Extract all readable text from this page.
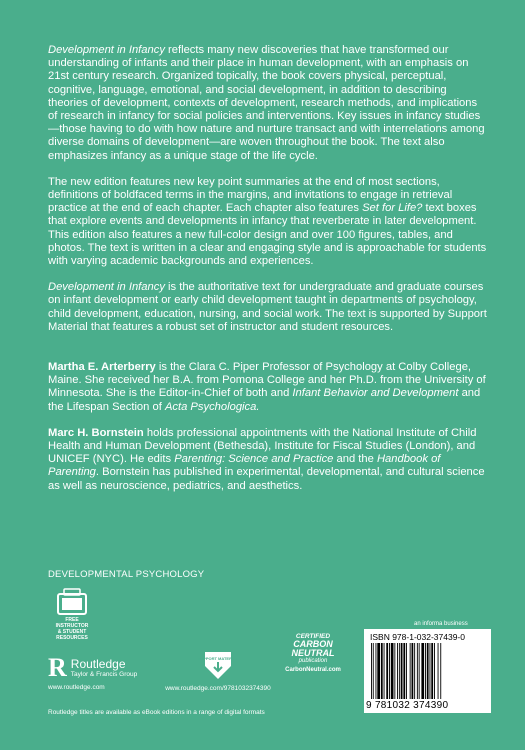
Development in Infancy reflects many new discoveries that have transformed our understanding of infants and their place in human development, with an emphasis on 21st century research. Organized topically, the book covers physical, perceptual, cognitive, language, emotional, and social development, in addition to describing theories of development, contexts of development, research methods, and implications of research in infancy for social policies and interventions. Key issues in infancy studies—those having to do with how nature and nurture transact and with interrelations among diverse domains of development—are woven throughout the book. The text also emphasizes infancy as a unique stage of the life cycle.

The new edition features new key point summaries at the end of most sections, definitions of boldfaced terms in the margins, and invitations to engage in retrieval practice at the end of each chapter. Each chapter also features Set for Life? text boxes that explore events and developments in infancy that reverberate in later development. This edition also features a new full-color design and over 100 figures, tables, and photos. The text is written in a clear and engaging style and is approachable for students with varying academic backgrounds and experiences.

Development in Infancy is the authoritative text for undergraduate and graduate courses on infant development or early child development taught in departments of psychology, child development, education, nursing, and social work. The text is supported by Support Material that features a robust set of instructor and student resources.

Martha E. Arterberry is the Clara C. Piper Professor of Psychology at Colby College, Maine. She received her B.A. from Pomona College and her Ph.D. from the University of Minnesota. She is the Editor-in-Chief of both and Infant Behavior and Development and the Lifespan Section of Acta Psychologica.

Marc H. Bornstein holds professional appointments with the National Institute of Child Health and Human Development (Bethesda), Institute for Fiscal Studies (London), and UNICEF (NYC). He edits Parenting: Science and Practice and the Handbook of Parenting. Bornstein has published in experimental, developmental, and cultural science as well as neuroscience, pediatrics, and aesthetics.

DEVELOPMENTAL PSYCHOLOGY
FREE
INSTRUCTOR
& STUDENT
RESOURCES
R Routledge
Taylor & Francis Group
www.routledge.com
SUPPORT MATERIAL
www.routledge.com/9781032374390
CERTIFIED
CARBON
NEUTRAL
publication
CarbonNeutral.com
an informa business
ISBN 978-1-032-37439-0
9 781032 374390
Routledge titles are available as eBook editions in a range of digital formats
